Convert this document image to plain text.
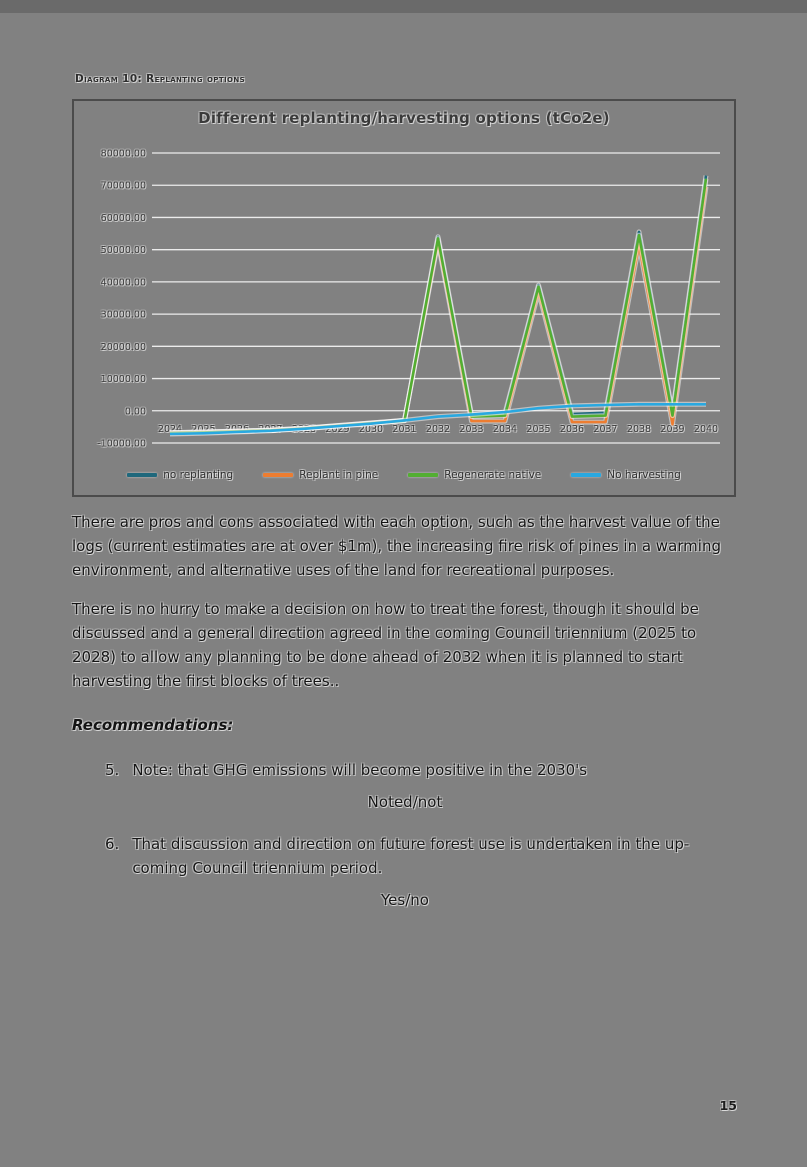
Diagram 10: Replanting options
Different replanting/harvesting options (tCo2e)
80000.00
70000.00
60000.00
50000.00
40000.00
30000.00
20000.00
10000.00
0.00
-10000.00
2024 2025 2026 2027 2028 2029 2030 2031 2032 2033 2034 2035 2036 2037 2038 2039 2040
no replanting	Replant in pine	Regenerate native	No harvesting

There are pros and cons associated with each option, such as the harvest value of the logs (current estimates are at over $1m), the increasing fire risk of pines in a warming environment, and alternative uses of the land for recreational purposes.

There is no hurry to make a decision on how to treat the forest, though it should be discussed and a general direction agreed in the coming Council triennium (2025 to 2028) to allow any planning to be done ahead of 2032 when it is planned to start harvesting the first blocks of trees..

Recommendations:

5. Note: that GHG emissions will become positive in the 2030's
Noted/not
6. That discussion and direction on future forest use is undertaken in the up-coming Council triennium period.
Yes/no
15
